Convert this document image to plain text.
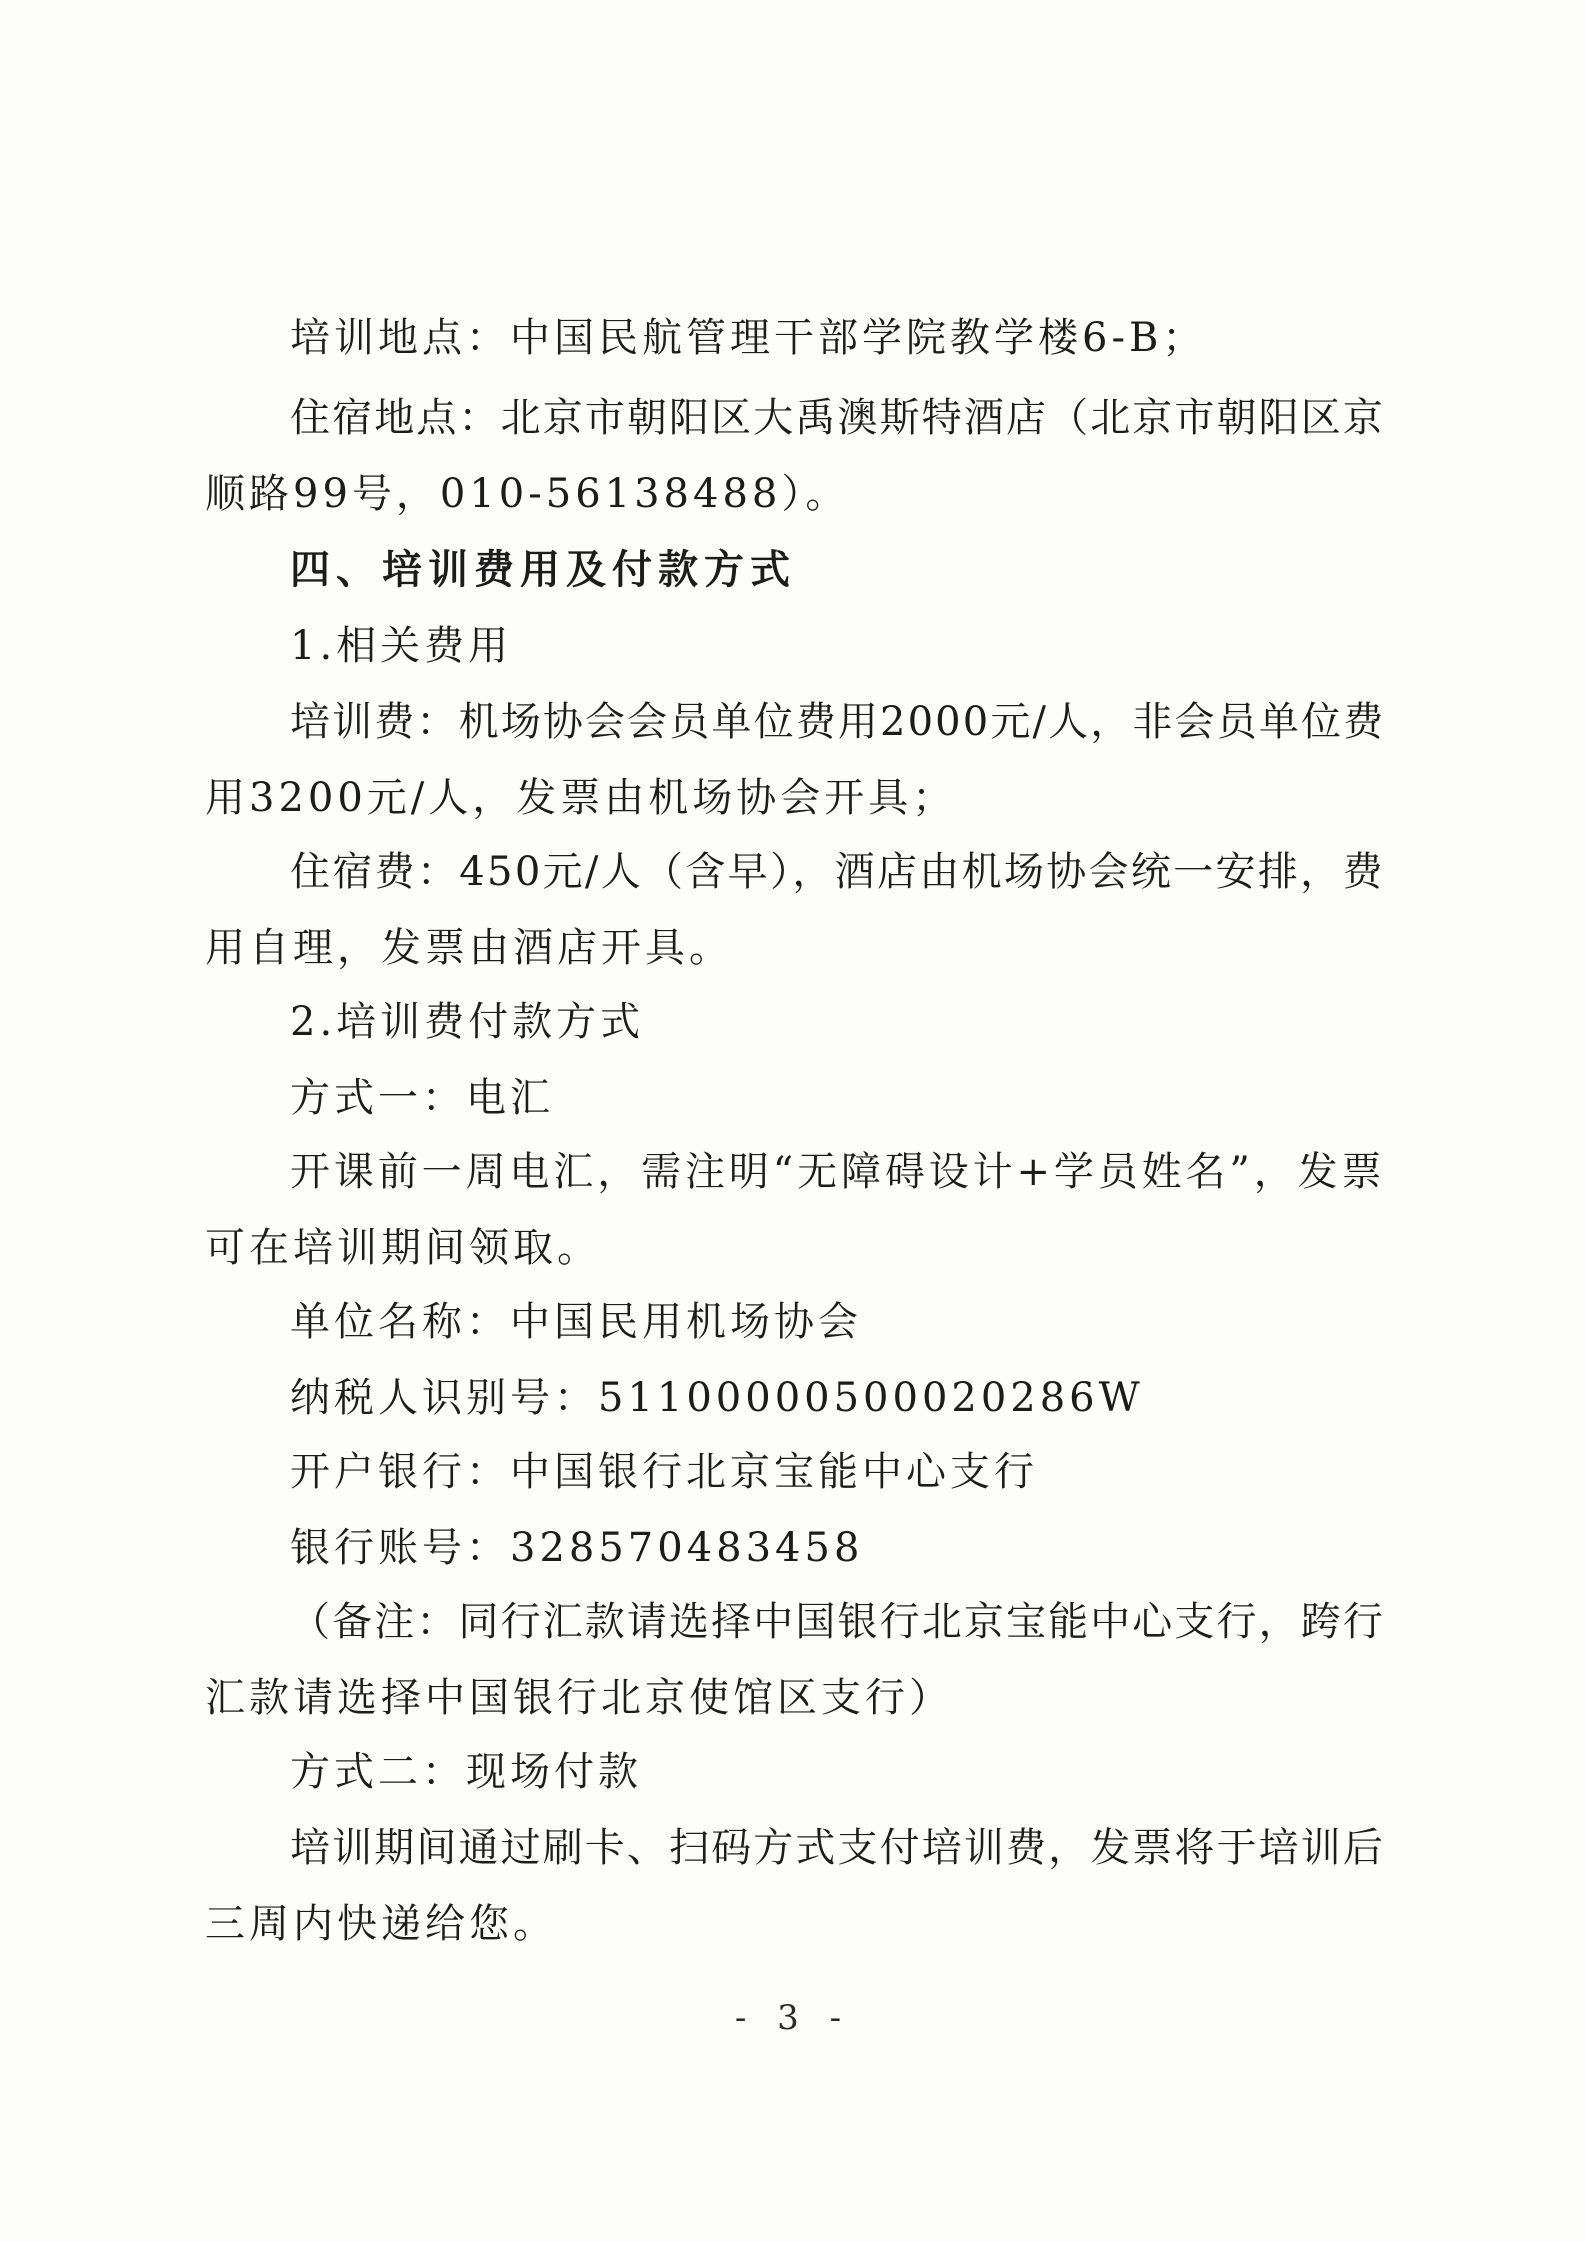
培训地点：中国民航管理干部学院教学楼6-B；
住宿地点：北京市朝阳区大禹澳斯特酒店（北京市朝阳区京
顺路99号，010-56138488）。
四、培训费用及付款方式
1.相关费用
培训费：机场协会会员单位费用2000元/人，非会员单位费
用3200元/人，发票由机场协会开具；
住宿费：450元/人（含早），酒店由机场协会统一安排，费
用自理，发票由酒店开具。
2.培训费付款方式
方式一：电汇
开课前一周电汇，需注明“无障碍设计+学员姓名”，发票
可在培训期间领取。
单位名称：中国民用机场协会
纳税人识别号：51100000500020286W
开户银行：中国银行北京宝能中心支行
银行账号：328570483458
（备注：同行汇款请选择中国银行北京宝能中心支行，跨行
汇款请选择中国银行北京使馆区支行）
方式二：现场付款
培训期间通过刷卡、扫码方式支付培训费，发票将于培训后
三周内快递给您。
- 3 -
